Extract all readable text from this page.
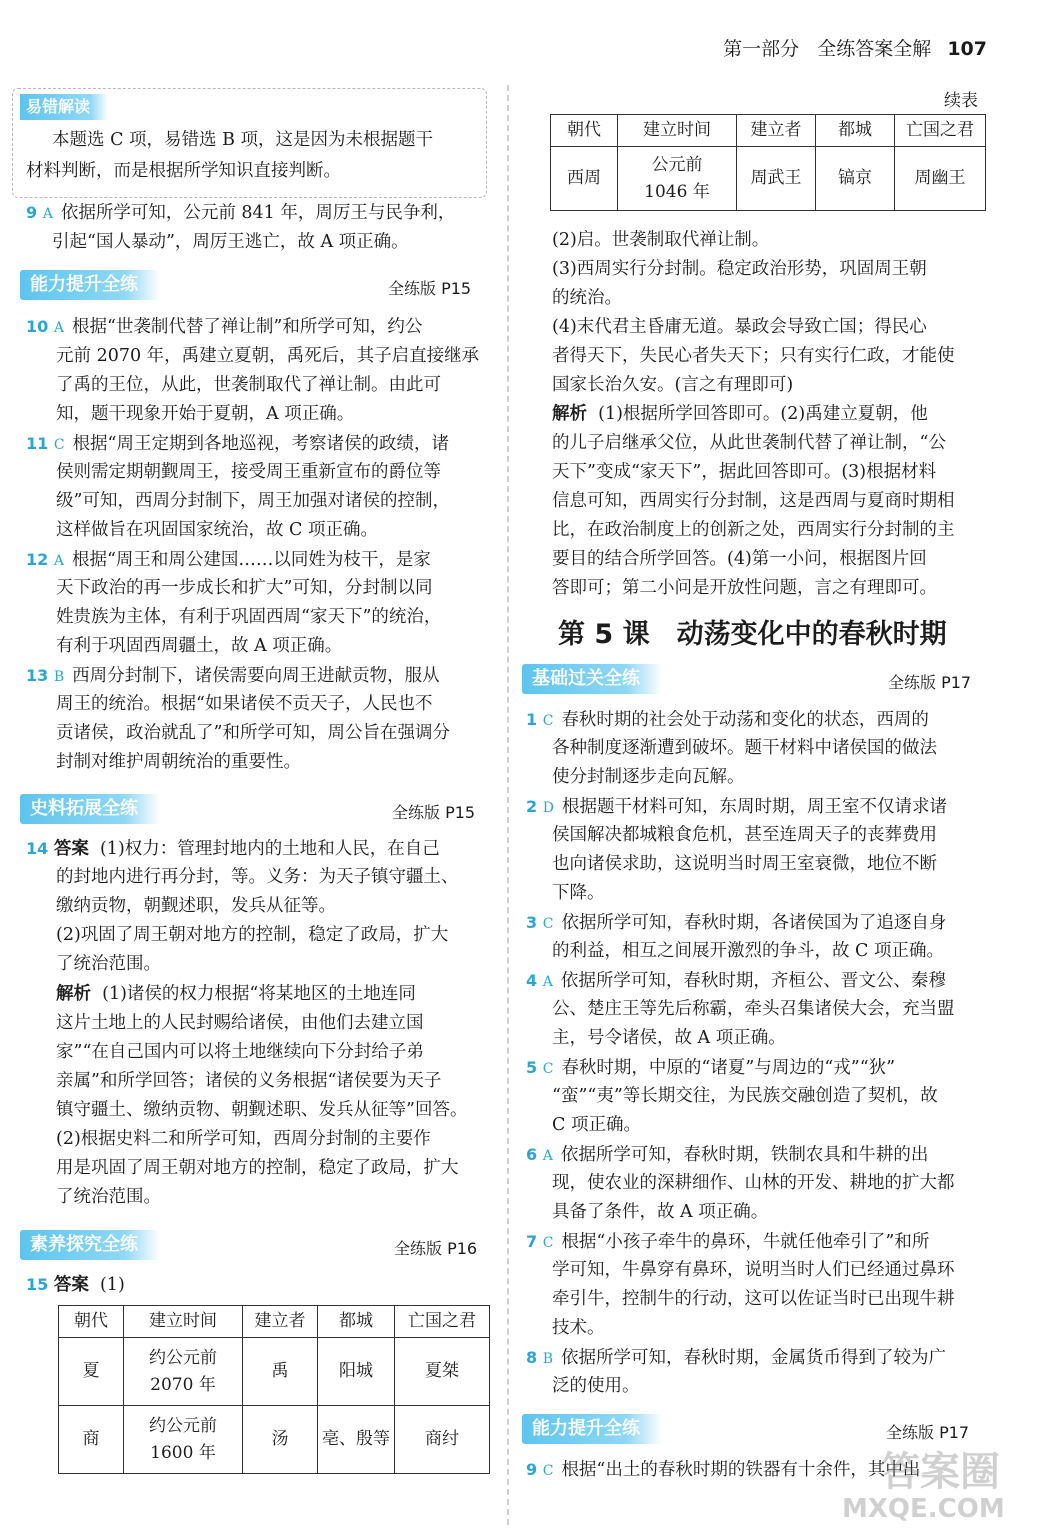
第一部分 全练答案全解 107
易错解读
本题选 C 项，易错选 B 项，这是因为未根据题干
材料判断，而是根据所学知识直接判断。
9 A 依据所学可知，公元前 841 年，周厉王与民争利，
引起“国人暴动”，周厉王逃亡，故 A 项正确。
能力提升全练	全练版 P15
10 A 根据“世袭制代替了禅让制”和所学可知，约公
元前 2070 年，禹建立夏朝，禹死后，其子启直接继承
了禹的王位，从此，世袭制取代了禅让制。由此可
知，题干现象开始于夏朝，A 项正确。
11 C 根据“周王定期到各地巡视，考察诸侯的政绩，诸
侯则需定期朝觐周王，接受周王重新宣布的爵位等
级”可知，西周分封制下，周王加强对诸侯的控制，
这样做旨在巩固国家统治，故 C 项正确。
12 A 根据“周王和周公建国……以同姓为枝干，是家
天下政治的再一步成长和扩大”可知，分封制以同
姓贵族为主体，有利于巩固西周“家天下”的统治，
有利于巩固西周疆土，故 A 项正确。
13 B 西周分封制下，诸侯需要向周王进献贡物，服从
周王的统治。根据“如果诸侯不贡天子，人民也不
贡诸侯，政治就乱了”和所学可知，周公旨在强调分
封制对维护周朝统治的重要性。
史料拓展全练	全练版 P15
14 答案 (1)权力：管理封地内的土地和人民，在自己
的封地内进行再分封，等。义务：为天子镇守疆土、
缴纳贡物，朝觐述职，发兵从征等。
(2)巩固了周王朝对地方的控制，稳定了政局，扩大
了统治范围。
解析 (1)诸侯的权力根据“将某地区的土地连同
这片土地上的人民封赐给诸侯，由他们去建立国
家”“在自己国内可以将土地继续向下分封给子弟
亲属”和所学回答；诸侯的义务根据“诸侯要为天子
镇守疆土、缴纳贡物、朝觐述职、发兵从征等”回答。
(2)根据史料二和所学可知，西周分封制的主要作
用是巩固了周王朝对地方的控制，稳定了政局，扩大
了统治范围。
素养探究全练	全练版 P16
15 答案 (1)
朝代	建立时间	建立者	都城	亡国之君
夏	约公元前
2070 年	禹	阳城	夏桀
商	约公元前
1600 年	汤	亳、殷等	商纣
续表
朝代	建立时间	建立者	都城	亡国之君
西周	公元前
1046 年	周武王	镐京	周幽王
(2)启。世袭制取代禅让制。
(3)西周实行分封制。稳定政治形势，巩固周王朝
的统治。
(4)末代君主昏庸无道。暴政会导致亡国；得民心
者得天下，失民心者失天下；只有实行仁政，才能使
国家长治久安。(言之有理即可)
解析 (1)根据所学回答即可。(2)禹建立夏朝，他
的儿子启继承父位，从此世袭制代替了禅让制，“公
天下”变成“家天下”，据此回答即可。(3)根据材料
信息可知，西周实行分封制，这是西周与夏商时期相
比，在政治制度上的创新之处，西周实行分封制的主
要目的结合所学回答。(4)第一小问，根据图片回
答即可；第二小问是开放性问题，言之有理即可。
第 5 课　动荡变化中的春秋时期
基础过关全练	全练版 P17
1 C 春秋时期的社会处于动荡和变化的状态，西周的
各种制度逐渐遭到破坏。题干材料中诸侯国的做法
使分封制逐步走向瓦解。
2 D 根据题干材料可知，东周时期，周王室不仅请求诸
侯国解决都城粮食危机，甚至连周天子的丧葬费用
也向诸侯求助，这说明当时周王室衰微，地位不断
下降。
3 C 依据所学可知，春秋时期，各诸侯国为了追逐自身
的利益，相互之间展开激烈的争斗，故 C 项正确。
4 A 依据所学可知，春秋时期，齐桓公、晋文公、秦穆
公、楚庄王等先后称霸，牵头召集诸侯大会，充当盟
主，号令诸侯，故 A 项正确。
5 C 春秋时期，中原的“诸夏”与周边的“戎”“狄”
“蛮”“夷”等长期交往，为民族交融创造了契机，故
C 项正确。
6 A 依据所学可知，春秋时期，铁制农具和牛耕的出
现，使农业的深耕细作、山林的开发、耕地的扩大都
具备了条件，故 A 项正确。
7 C 根据“小孩子牵牛的鼻环，牛就任他牵引了”和所
学可知，牛鼻穿有鼻环，说明当时人们已经通过鼻环
牵引牛，控制牛的行动，这可以佐证当时已出现牛耕
技术。
8 B 依据所学可知，春秋时期，金属货币得到了较为广
泛的使用。
能力提升全练	全练版 P17
9 C 根据“出土的春秋时期的铁器有十余件，其中出
答案圈
MXQE.COM
